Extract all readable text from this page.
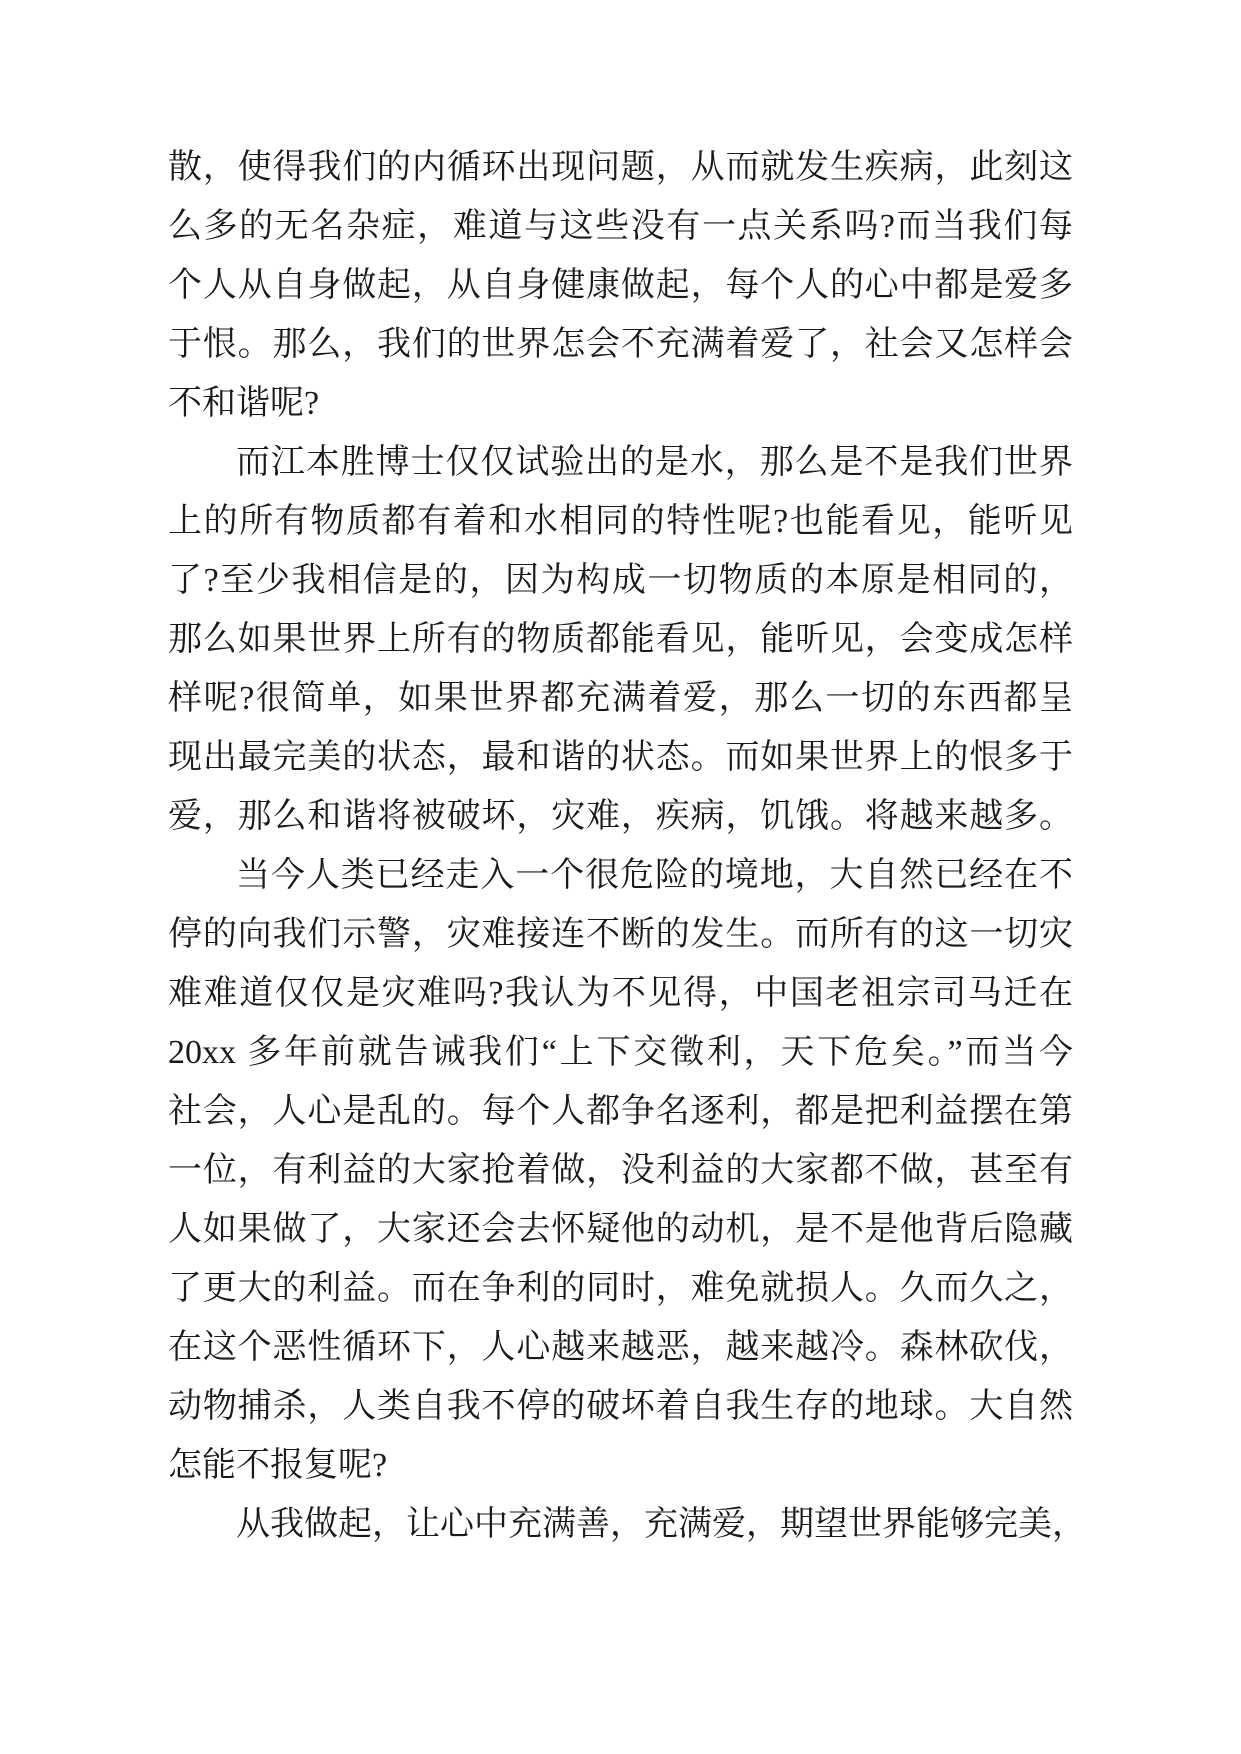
散，使得我们的内循环出现问题，从而就发生疾病，此刻这
么多的无名杂症，难道与这些没有一点关系吗?而当我们每
个人从自身做起，从自身健康做起，每个人的心中都是爱多
于恨。那么，我们的世界怎会不充满着爱了，社会又怎样会
不和谐呢?
而江本胜博士仅仅试验出的是水，那么是不是我们世界
上的所有物质都有着和水相同的特性呢?也能看见，能听见
了?至少我相信是的，因为构成一切物质的本原是相同的，
那么如果世界上所有的物质都能看见，能听见，会变成怎样
样呢?很简单，如果世界都充满着爱，那么一切的东西都呈
现出最完美的状态，最和谐的状态。而如果世界上的恨多于
爱，那么和谐将被破坏，灾难，疾病，饥饿。将越来越多。
当今人类已经走入一个很危险的境地，大自然已经在不
停的向我们示警，灾难接连不断的发生。而所有的这一切灾
难难道仅仅是灾难吗?我认为不见得，中国老祖宗司马迁在
20xx 多年前就告诫我们“上下交徵利，天下危矣。”而当今
社会，人心是乱的。每个人都争名逐利，都是把利益摆在第
一位，有利益的大家抢着做，没利益的大家都不做，甚至有
人如果做了，大家还会去怀疑他的动机，是不是他背后隐藏
了更大的利益。而在争利的同时，难免就损人。久而久之，
在这个恶性循环下，人心越来越恶，越来越冷。森林砍伐，
动物捕杀，人类自我不停的破坏着自我生存的地球。大自然
怎能不报复呢?
从我做起，让心中充满善，充满爱，期望世界能够完美，
